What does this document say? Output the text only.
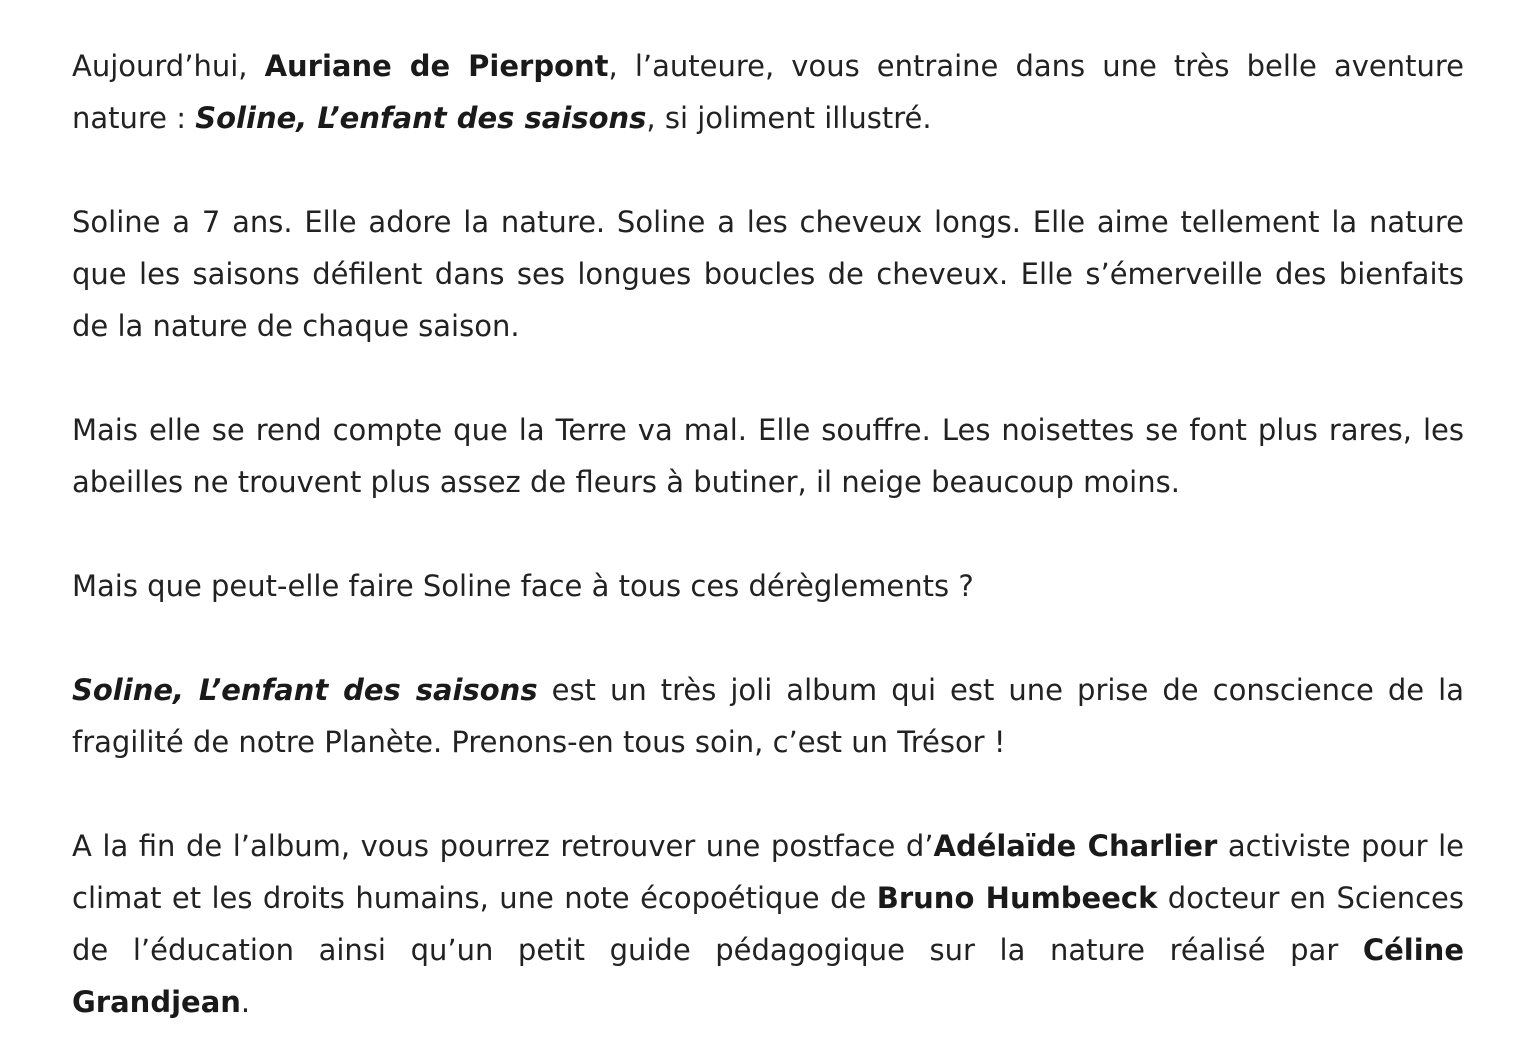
Aujourd’hui, Auriane de Pierpont, l’auteure, vous entraine dans une très belle aventure nature : Soline, L’enfant des saisons, si joliment illustré.

Soline a 7 ans. Elle adore la nature. Soline a les cheveux longs. Elle aime tellement la nature que les saisons défilent dans ses longues boucles de cheveux. Elle s’émerveille des bienfaits de la nature de chaque saison.

Mais elle se rend compte que la Terre va mal. Elle souffre. Les noisettes se font plus rares, les abeilles ne trouvent plus assez de fleurs à butiner, il neige beaucoup moins.

Mais que peut-elle faire Soline face à tous ces dérèglements ?

Soline, L’enfant des saisons est un très joli album qui est une prise de conscience de la fragilité de notre Planète. Prenons-en tous soin, c’est un Trésor !

A la fin de l’album, vous pourrez retrouver une postface d’Adélaïde Charlier activiste pour le climat et les droits humains, une note écopoétique de Bruno Humbeeck docteur en Sciences de l’éducation ainsi qu’un petit guide pédagogique sur la nature réalisé par Céline Grandjean.
